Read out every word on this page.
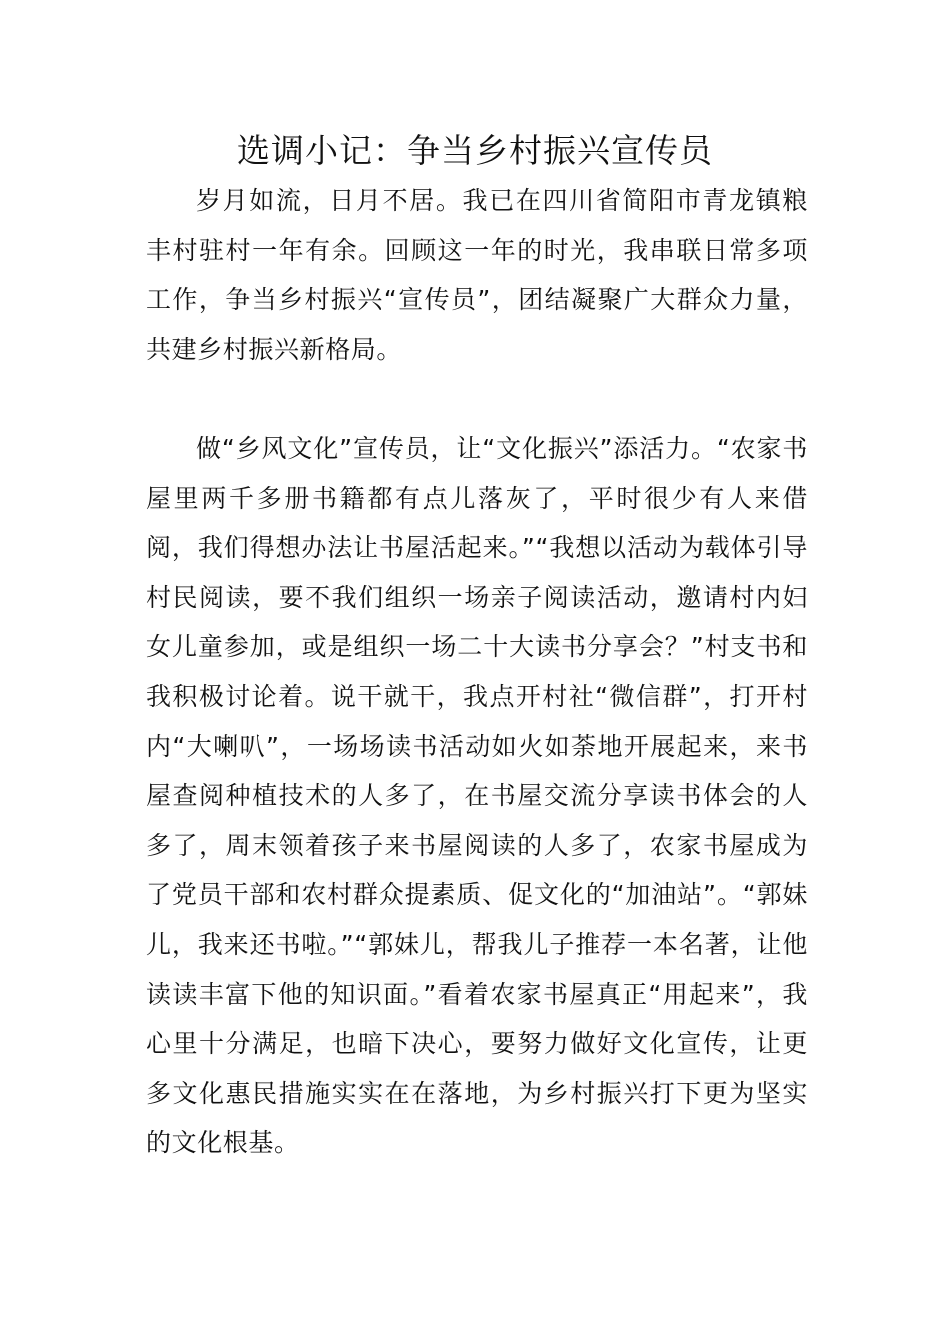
选调小记：争当乡村振兴宣传员

岁月如流，日月不居。我已在四川省简阳市青龙镇粮丰村驻村一年有余。回顾这一年的时光，我串联日常多项工作，争当乡村振兴“宣传员”，团结凝聚广大群众力量，共建乡村振兴新格局。

做“乡风文化”宣传员，让“文化振兴”添活力。“农家书屋里两千多册书籍都有点儿落灰了，平时很少有人来借阅，我们得想办法让书屋活起来。”“我想以活动为载体引导村民阅读，要不我们组织一场亲子阅读活动，邀请村内妇女儿童参加，或是组织一场二十大读书分享会？”村支书和我积极讨论着。说干就干，我点开村社“微信群”，打开村内“大喇叭”，一场场读书活动如火如荼地开展起来，来书屋查阅种植技术的人多了，在书屋交流分享读书体会的人多了，周末领着孩子来书屋阅读的人多了，农家书屋成为了党员干部和农村群众提素质、促文化的“加油站”。“郭妹儿，我来还书啦。”“郭妹儿，帮我儿子推荐一本名著，让他读读丰富下他的知识面。”看着农家书屋真正“用起来”，我心里十分满足，也暗下决心，要努力做好文化宣传，让更多文化惠民措施实实在在落地，为乡村振兴打下更为坚实的文化根基。
